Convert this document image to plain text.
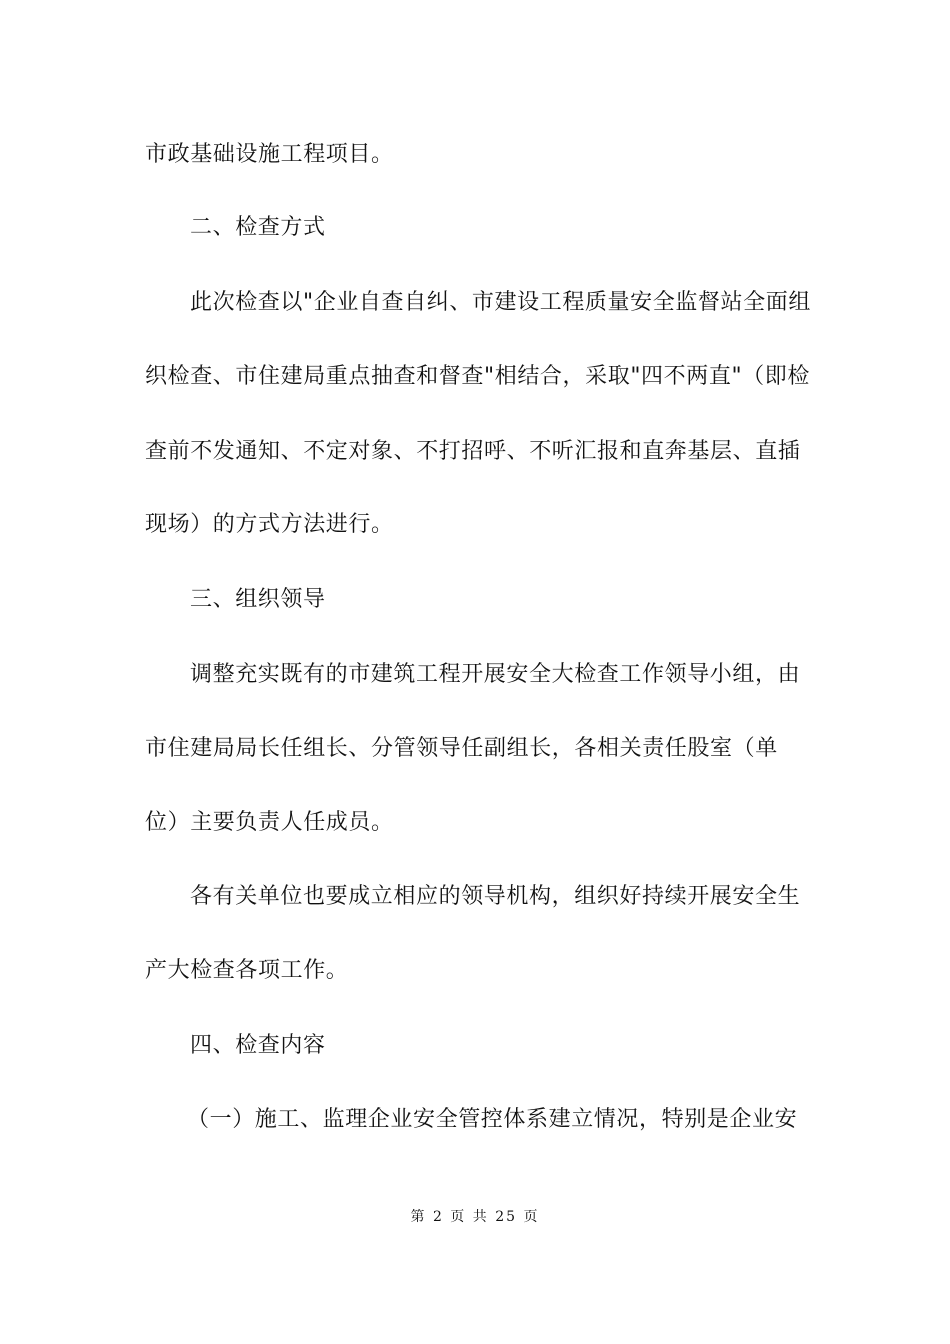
市政基础设施工程项目。
二、检查方式
此次检查以"企业自查自纠、市建设工程质量安全监督站全面组
织检查、市住建局重点抽查和督查"相结合，采取"四不两直"（即检
查前不发通知、不定对象、不打招呼、不听汇报和直奔基层、直插
现场）的方式方法进行。
三、组织领导
调整充实既有的市建筑工程开展安全大检查工作领导小组，由
市住建局局长任组长、分管领导任副组长，各相关责任股室（单
位）主要负责人任成员。
各有关单位也要成立相应的领导机构，组织好持续开展安全生
产大检查各项工作。
四、检查内容
（一）施工、监理企业安全管控体系建立情况，特别是企业安
第 2 页 共 25 页
